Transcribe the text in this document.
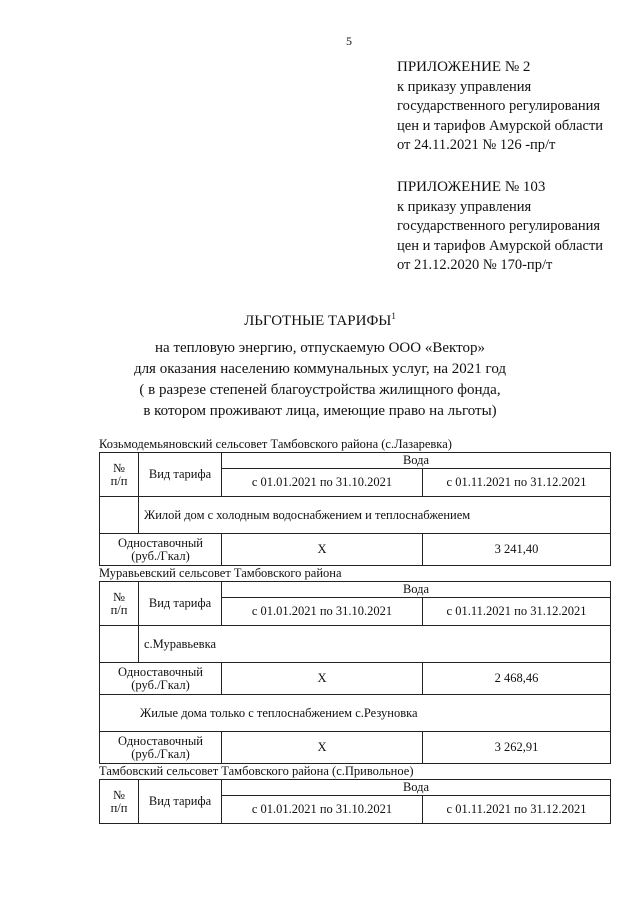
5
ПРИЛОЖЕНИЕ № 2
к приказу управления
государственного регулирования
цен и тарифов Амурской области
от 24.11.2021 № 126 -пр/т
ПРИЛОЖЕНИЕ № 103
к приказу управления
государственного регулирования
цен и тарифов Амурской области
от 21.12.2020 № 170-пр/т
ЛЬГОТНЫЕ ТАРИФЫ$^1$
на тепловую энергию, отпускаемую ООО «Вектор»
для оказания населению коммунальных услуг, на 2021 год
( в разрезе степеней благоустройства жилищного фонда,
в котором проживают лица, имеющие право на льготы)
Козьмодемьяновский сельсовет Тамбовского района (с.Лазаревка)
№
п/п	Вид тарифа	Вода	
		с 01.01.2021 по 31.10.2021	с 01.11.2021 по 31.12.2021
	Жилой дом с холодным водоснабжением и теплоснабжением		

Одноставочный
(руб./Гкал)		Х	3 241,40
Муравьевский сельсовет Тамбовского района
№
п/п	Вид тарифа	Вода	
		с 01.01.2021 по 31.10.2021	с 01.11.2021 по 31.12.2021
	с.Муравьевка		

Одноставочный
(руб./Гкал)		Х	2 468,46
Жилые дома только с теплоснабжением с.Резуновка			

Одноставочный
(руб./Гкал)		Х	3 262,91
Тамбовский сельсовет Тамбовского района (с.Привольное)
№
п/п	Вид тарифа	Вода	
		с 01.01.2021 по 31.10.2021	с 01.11.2021 по 31.12.2021
